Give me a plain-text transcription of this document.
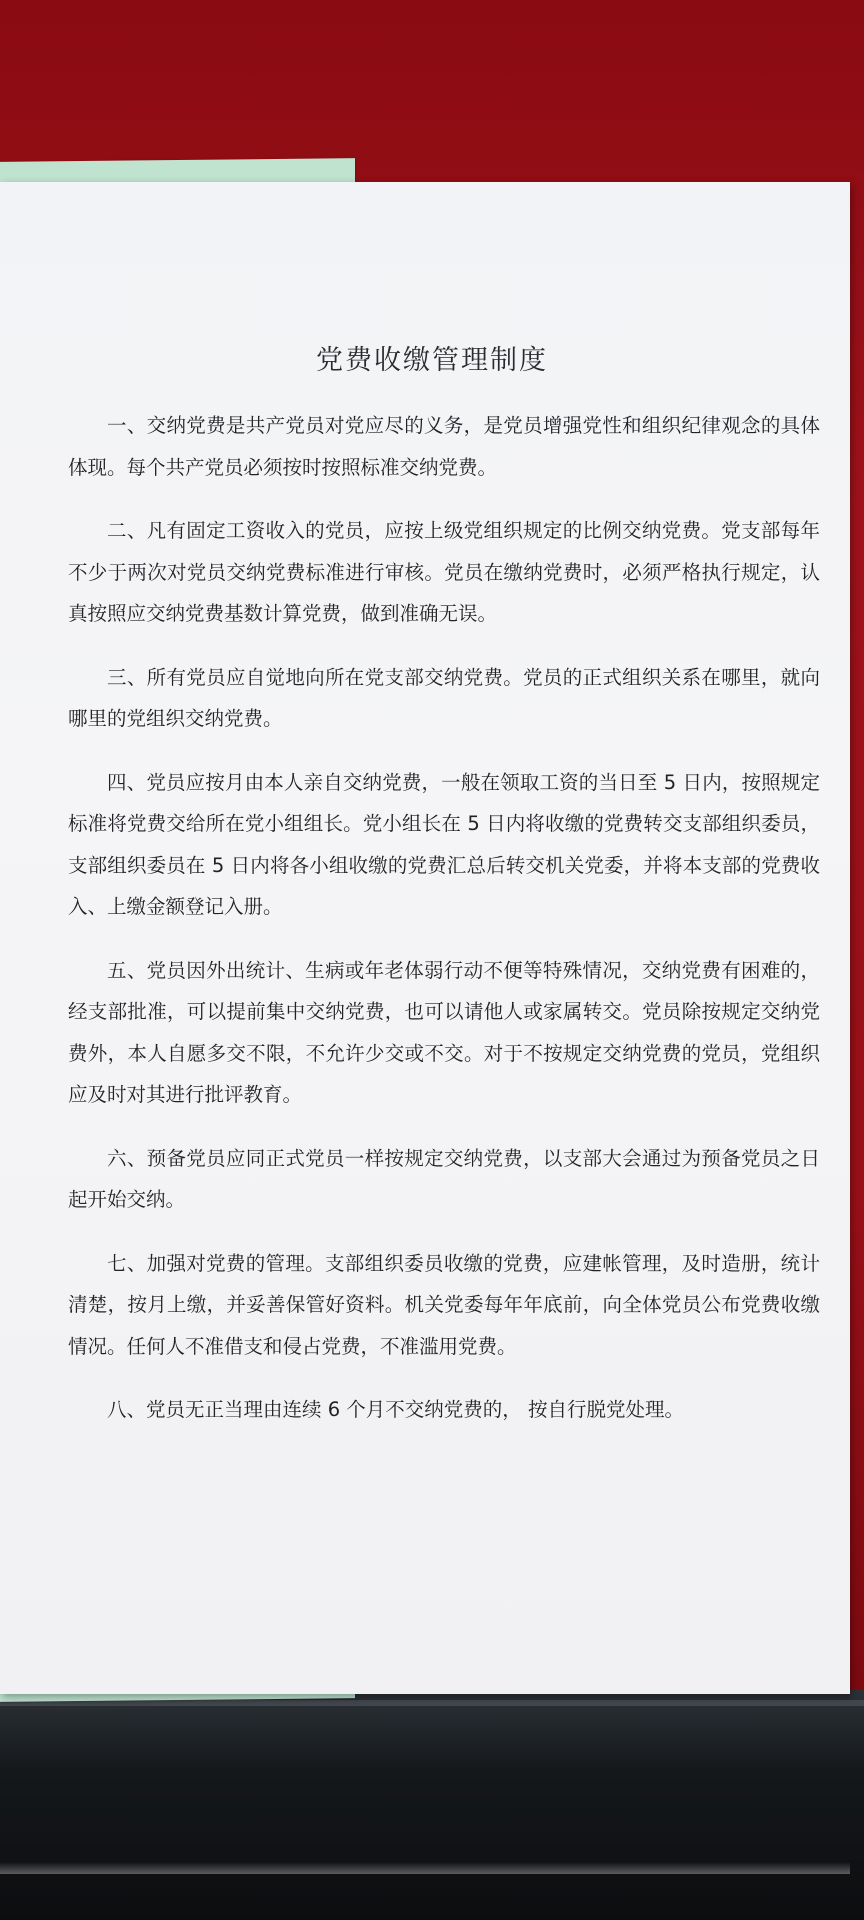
党费收缴管理制度

一、交纳党费是共产党员对党应尽的义务，是党员增强党性和组织纪律观念的具体体现。每个共产党员必须按时按照标准交纳党费。

二、凡有固定工资收入的党员，应按上级党组织规定的比例交纳党费。党支部每年不少于两次对党员交纳党费标准进行审核。党员在缴纳党费时，必须严格执行规定，认真按照应交纳党费基数计算党费，做到准确无误。

三、所有党员应自觉地向所在党支部交纳党费。党员的正式组织关系在哪里，就向哪里的党组织交纳党费。

四、党员应按月由本人亲自交纳党费，一般在领取工资的当日至 5 日内，按照规定标准将党费交给所在党小组组长。党小组长在 5 日内将收缴的党费转交支部组织委员，支部组织委员在 5 日内将各小组收缴的党费汇总后转交机关党委，并将本支部的党费收入、上缴金额登记入册。

五、党员因外出统计、生病或年老体弱行动不便等特殊情况，交纳党费有困难的，经支部批准，可以提前集中交纳党费，也可以请他人或家属转交。党员除按规定交纳党费外，本人自愿多交不限，不允许少交或不交。对于不按规定交纳党费的党员，党组织应及时对其进行批评教育。

六、预备党员应同正式党员一样按规定交纳党费，以支部大会通过为预备党员之日起开始交纳。

七、加强对党费的管理。支部组织委员收缴的党费，应建帐管理，及时造册，统计清楚，按月上缴，并妥善保管好资料。机关党委每年年底前，向全体党员公布党费收缴情况。任何人不准借支和侵占党费，不准滥用党费。

八、党员无正当理由连续 6 个月不交纳党费的， 按自行脱党处理。
